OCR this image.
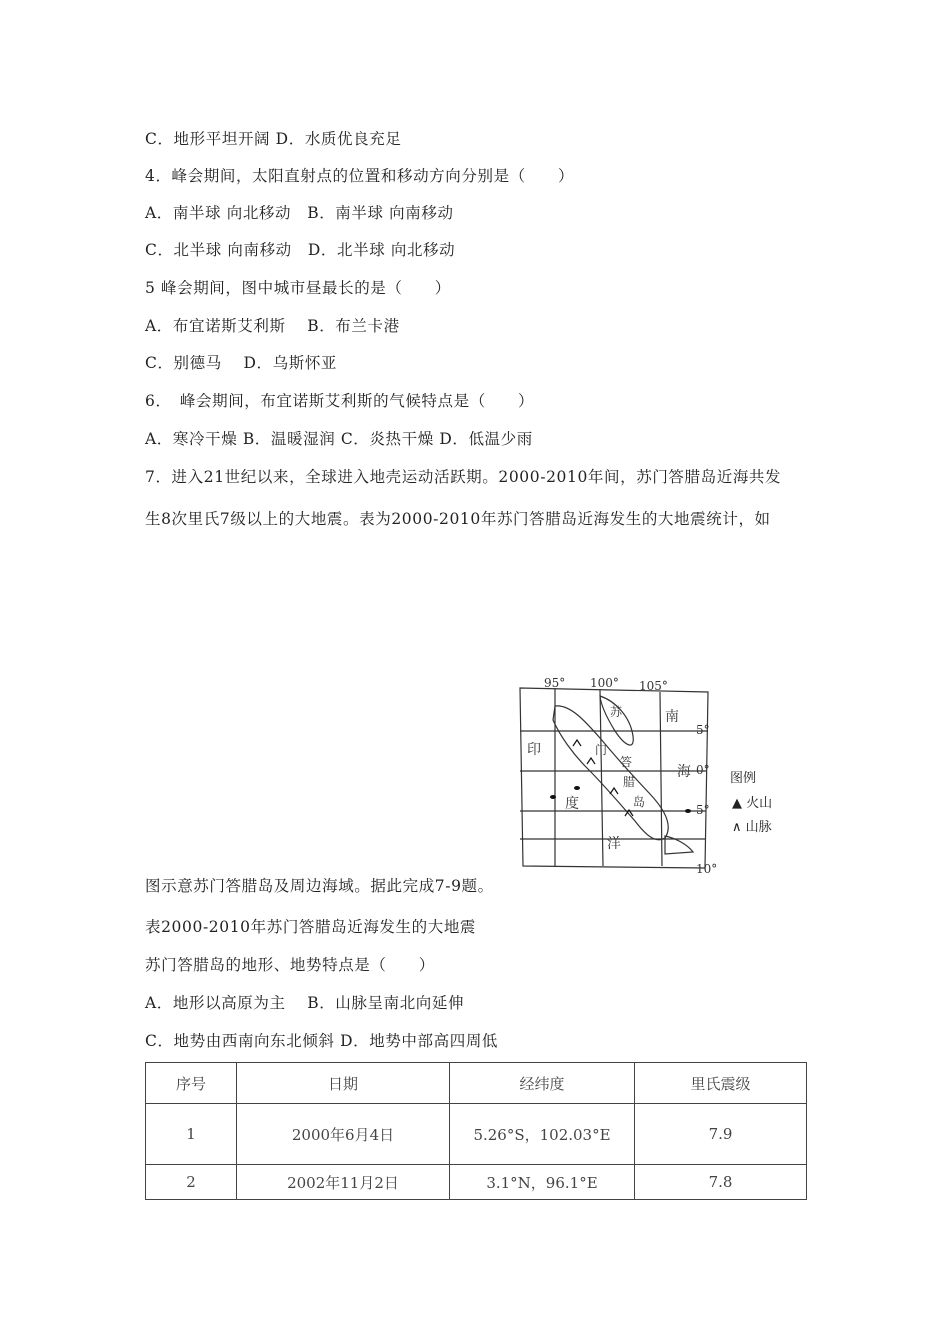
C．地形平坦开阔 D．水质优良充足
4．峰会期间，太阳直射点的位置和移动方向分别是（　　）
A．南半球 向北移动　B．南半球 向南移动
C．北半球 向南移动　D．北半球 向北移动
5 峰会期间，图中城市昼最长的是（　　）
A．布宜诺斯艾利斯　 B．布兰卡港
C．别德马　 D．乌斯怀亚
6．　峰会期间，布宜诺斯艾利斯的气候特点是（　　）
A．寒冷干燥 B．温暖湿润 C．炎热干燥 D．低温少雨
7．进入21世纪以来，全球进入地壳运动活跃期。2000-2010年间，苏门答腊岛近海共发
生8次里氏7级以上的大地震。表为2000-2010年苏门答腊岛近海发生的大地震统计，如
图示意苏门答腊岛及周边海域。据此完成7-9题。
表2000-2010年苏门答腊岛近海发生的大地震
苏门答腊岛的地形、地势特点是（　　）
A．地形以高原为主　 B．山脉呈南北向延伸
C．地势由西南向东北倾斜 D．地势中部高四周低
95° 100° 105°
5°
0°
5°
10°
印
度
洋
南
海
苏
门
答
腊
岛	▲ 火山
∧ 山脉
序号	日期	经纬度	里氏震级
1	2000年6月4日	5.26°S，102.03°E	7.9
2	2002年11月2日	3.1°N，96.1°E	7.8
图例
